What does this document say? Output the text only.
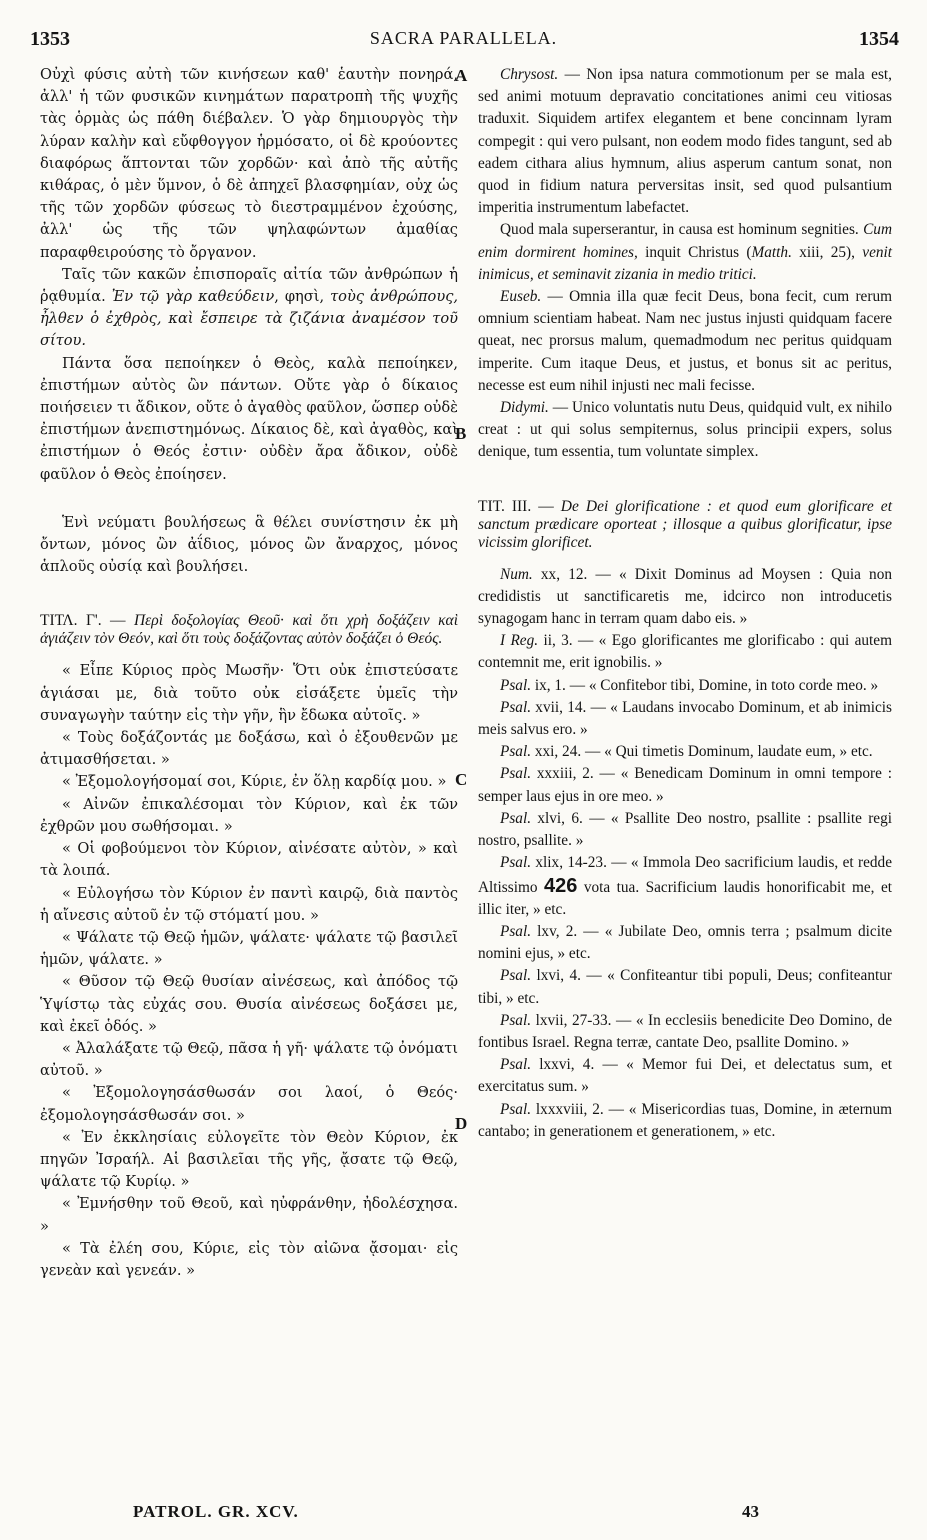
SACRA PARALLELA.
1353	1354
A
B
C
D

Οὐχὶ φύσις αὐτὴ τῶν κινήσεων καθ' ἑαυτὴν πονηρά, ἀλλ' ἡ τῶν φυσικῶν κινημάτων παρατροπὴ τῆς ψυχῆς τὰς ὁρμὰς ὡς πάθη διέβαλεν. Ὁ γὰρ δημιουργὸς τὴν λύραν καλὴν καὶ εὔφθογγον ἡρμόσατο, οἱ δὲ κρούοντες διαφόρως ἅπτονται τῶν χορδῶν· καὶ ἀπὸ τῆς αὐτῆς κιθάρας, ὁ μὲν ὕμνον, ὁ δὲ ἀπηχεῖ βλασφημίαν, οὐχ ὡς τῆς τῶν χορδῶν φύσεως τὸ διεστραμμένον ἐχούσης, ἀλλ' ὡς τῆς τῶν ψηλαφώντων ἀμαθίας παραφθειρούσης τὸ ὄργανον.

Ταῖς τῶν κακῶν ἐπισποραῖς αἰτία τῶν ἀνθρώπων ἡ ῥᾳθυμία. Ἐν τῷ γὰρ καθεύδειν, φησὶ, τοὺς ἀνθρώπους, ἦλθεν ὁ ἐχθρὸς, καὶ ἔσπειρε τὰ ζιζάνια ἀναμέσον τοῦ σίτου.

Πάντα ὅσα πεποίηκεν ὁ Θεὸς, καλὰ πεποίηκεν, ἐπιστήμων αὐτὸς ὢν πάντων. Οὔτε γὰρ ὁ δίκαιος ποιήσειεν τι ἄδικον, οὔτε ὁ ἀγαθὸς φαῦλον, ὥσπερ οὐδὲ ἐπιστήμων ἀνεπιστημόνως. Δίκαιος δὲ, καὶ ἀγαθὸς, καὶ ἐπιστήμων ὁ Θεός ἐστιν· οὐδὲν ἄρα ἄδικον, οὐδὲ φαῦλον ὁ Θεὸς ἐποίησεν.

Ἑνὶ νεύματι βουλήσεως ἃ θέλει συνίστησιν ἐκ μὴ ὄντων, μόνος ὢν ἀΐδιος, μόνος ὢν ἄναρχος, μόνος ἁπλοῦς οὐσίᾳ καὶ βουλήσει.

ΤΙΤΛ. Γ'. — Περὶ δοξολογίας Θεοῦ· καὶ ὅτι χρὴ δοξάζειν καὶ ἁγιάζειν τὸν Θεόν, καὶ ὅτι τοὺς δοξάζοντας αὐτὸν δοξάζει ὁ Θεός.

« Εἶπε Κύριος πρὸς Μωσῆν· Ὅτι οὐκ ἐπιστεύσατε ἁγιάσαι με, διὰ τοῦτο οὐκ εἰσάξετε ὑμεῖς τὴν συναγωγὴν ταύτην εἰς τὴν γῆν, ἣν ἔδωκα αὐτοῖς. »

« Τοὺς δοξάζοντάς με δοξάσω, καὶ ὁ ἐξουθενῶν με ἀτιμασθήσεται. »

« Ἐξομολογήσομαί σοι, Κύριε, ἐν ὅλῃ καρδίᾳ μου. »

« Αἰνῶν ἐπικαλέσομαι τὸν Κύριον, καὶ ἐκ τῶν ἐχθρῶν μου σωθήσομαι. »

« Οἱ φοβούμενοι τὸν Κύριον, αἰνέσατε αὐτὸν, » καὶ τὰ λοιπά.

« Εὐλογήσω τὸν Κύριον ἐν παντὶ καιρῷ, διὰ παντὸς ἡ αἴνεσις αὐτοῦ ἐν τῷ στόματί μου. »

« Ψάλατε τῷ Θεῷ ἡμῶν, ψάλατε· ψάλατε τῷ βασιλεῖ ἡμῶν, ψάλατε. »

« Θῦσον τῷ Θεῷ θυσίαν αἰνέσεως, καὶ ἀπόδος τῷ Ὑψίστῳ τὰς εὐχάς σου. Θυσία αἰνέσεως δοξάσει με, καὶ ἐκεῖ ὁδός. »

« Ἀλαλάξατε τῷ Θεῷ, πᾶσα ἡ γῆ· ψάλατε τῷ ὀνόματι αὐτοῦ. »

« Ἐξομολογησάσθωσάν σοι λαοί, ὁ Θεός· ἐξομολογησάσθωσάν σοι. »

« Ἐν ἐκκλησίαις εὐλογεῖτε τὸν Θεὸν Κύριον, ἐκ πηγῶν Ἰσραήλ. Αἱ βασιλεῖαι τῆς γῆς, ᾄσατε τῷ Θεῷ, ψάλατε τῷ Κυρίῳ. »

« Ἐμνήσθην τοῦ Θεοῦ, καὶ ηὐφράνθην, ἠδολέσχησα. »

« Τὰ ἐλέη σου, Κύριε, εἰς τὸν αἰῶνα ᾄσομαι· εἰς γενεὰν καὶ γενεάν. »

Chrysost. — Non ipsa natura commotionum per se mala est, sed animi motuum depravatio concitationes animi ceu vitiosas traduxit. Siquidem artifex elegantem et bene concinnam lyram compegit : qui vero pulsant, non eodem modo fides tangunt, sed ab eadem cithara alius hymnum, alius asperum cantum sonat, non quod in fidium natura perversitas insit, sed quod pulsantium imperitia instrumentum labefactet.

Quod mala superserantur, in causa est hominum segnities. Cum enim dormirent homines, inquit Christus (Matth. xiii, 25), venit inimicus, et seminavit zizania in medio tritici.

Euseb. — Omnia illa quæ fecit Deus, bona fecit, cum rerum omnium scientiam habeat. Nam nec justus injusti quidquam facere queat, nec prorsus malum, quemadmodum nec peritus quidquam imperite. Cum itaque Deus, et justus, et bonus sit ac peritus, necesse est eum nihil injusti nec mali fecisse.

Didymi. — Unico voluntatis nutu Deus, quidquid vult, ex nihilo creat : ut qui solus sempiternus, solus principii expers, solus denique, tum essentia, tum voluntate simplex.

TIT. III. — De Dei glorificatione : et quod eum glorificare et sanctum prædicare oporteat ; illosque a quibus glorificatur, ipse vicissim glorificet.

Num. xx, 12. — « Dixit Dominus ad Moysen : Quia non credidistis ut sanctificaretis me, idcirco non introducetis synagogam hanc in terram quam dabo eis. »

I Reg. ii, 3. — « Ego glorificantes me glorificabo : qui autem contemnit me, erit ignobilis. »

Psal. ix, 1. — « Confitebor tibi, Domine, in toto corde meo. »

Psal. xvii, 14. — « Laudans invocabo Dominum, et ab inimicis meis salvus ero. »

Psal. xxi, 24. — « Qui timetis Dominum, laudate eum, » etc.

Psal. xxxiii, 2. — « Benedicam Dominum in omni tempore : semper laus ejus in ore meo. »

Psal. xlvi, 6. — « Psallite Deo nostro, psallite : psallite regi nostro, psallite. »

Psal. xlix, 14-23. — « Immola Deo sacrificium laudis, et redde Altissimo 426 vota tua. Sacrificium laudis honorificabit me, et illic iter, » etc.

Psal. lxv, 2. — « Jubilate Deo, omnis terra ; psalmum dicite nomini ejus, » etc.

Psal. lxvi, 4. — « Confiteantur tibi populi, Deus; confiteantur tibi, » etc.

Psal. lxvii, 27-33. — « In ecclesiis benedicite Deo Domino, de fontibus Israel. Regna terræ, cantate Deo, psallite Domino. »

Psal. lxxvi, 4. — « Memor fui Dei, et delectatus sum, et exercitatus sum. »

Psal. lxxxviii, 2. — « Misericordias tuas, Domine, in æternum cantabo; in generationem et generationem, » etc.

PATROL. GR. XCV.	43
